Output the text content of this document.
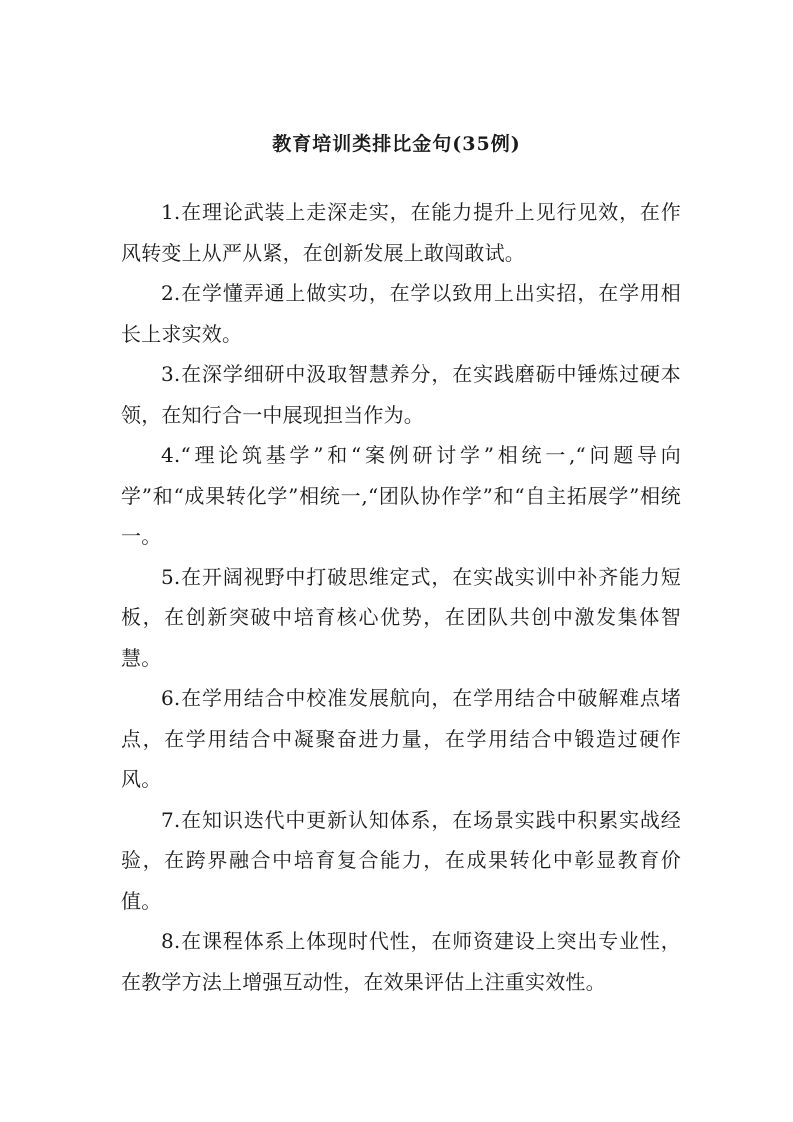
教育培训类排比金句(35例)

1.在理论武装上走深走实，在能力提升上见行见效，在作风转变上从严从紧，在创新发展上敢闯敢试。

2.在学懂弄通上做实功，在学以致用上出实招，在学用相长上求实效。

3.在深学细研中汲取智慧养分，在实践磨砺中锤炼过硬本领，在知行合一中展现担当作为。

4.“理论筑基学”和“案例研讨学”相统一,“问题导向学”和“成果转化学”相统一,“团队协作学”和“自主拓展学”相统一。

5.在开阔视野中打破思维定式，在实战实训中补齐能力短板，在创新突破中培育核心优势，在团队共创中激发集体智慧。

6.在学用结合中校准发展航向，在学用结合中破解难点堵点，在学用结合中凝聚奋进力量，在学用结合中锻造过硬作风。

7.在知识迭代中更新认知体系，在场景实践中积累实战经验，在跨界融合中培育复合能力，在成果转化中彰显教育价值。

8.在课程体系上体现时代性，在师资建设上突出专业性，在教学方法上增强互动性，在效果评估上注重实效性。
